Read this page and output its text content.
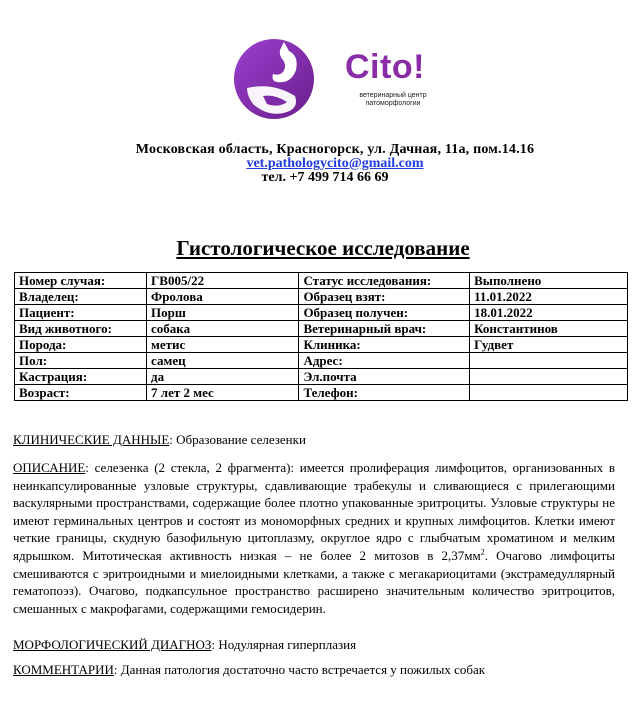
Cito!
ветеринарный центр
патоморфологии
Московская область, Красногорск, ул. Дачная, 11а, пом.14.16
vet.pathologycito@gmail.com
тел. +7 499 714 66 69
Гистологическое исследование
Номер случая:	ГВ005/22	Статус исследования:	Выполнено
Владелец:	Фролова	Образец взят:	11.01.2022
Пациент:	Порш	Образец получен:	18.01.2022
Вид животного:	собака	Ветеринарный врач:	Константинов
Порода:	метис	Клиника:	Гудвет
Пол:	самец	Адрес:	
Кастрация:	да	Эл.почта	
Возраст:	7 лет 2 мес	Телефон:	
КЛИНИЧЕСКИЕ ДАННЫЕ: Образование селезенки
ОПИСАНИЕ: селезенка (2 стекла, 2 фрагмента): имеется пролиферация лимфоцитов, организованных в неинкапсулированные узловые структуры, сдавливающие трабекулы и сливающиеся с прилегающими васкулярными пространствами, содержащие более плотно упакованные эритроциты. Узловые структуры не имеют герминальных центров и состоят из мономорфных средних и крупных лимфоцитов. Клетки имеют четкие границы, скудную базофильную цитоплазму, округлое ядро с глыбчатым хроматином и мелким ядрышком. Митотическая активность низкая – не более 2 митозов в $2,37мм^2$. Очагово лимфоциты смешиваются с эритроидными и миелоидными клетками, а также с мегакариоцитами (экстрамедуллярный гематопоэз). Очагово, подкапсульное пространство расширено значительным количество эритроцитов, смешанных с макрофагами, содержащими гемосидерин.
МОРФОЛОГИЧЕСКИЙ ДИАГНОЗ: Нодулярная гиперплазия
КОММЕНТАРИИ: Данная патология достаточно часто встречается у пожилых собак
